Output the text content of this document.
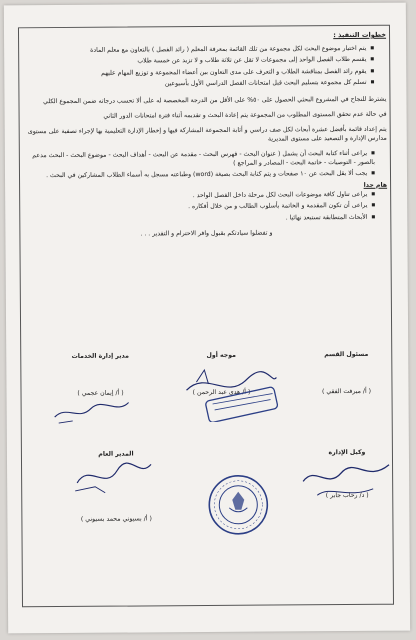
خطوات التنفيذ :
■ يتم اختيار موضوع البحث لكل مجموعة من تلك القائمة بمعرفة المعلم ( رائد الفصل ) بالتعاون مع معلم المادة
■ يقسم طلاب الفصل الواحد إلى مجموعات لا تقل عن ثلاثة طلاب و لا تزيد عن خمسة طلاب
■ يقوم رائد الفصل بمناقشة الطلاب و التعرف على مدى التعاون بين أعضاء المجموعة و توزيع المهام عليهم
■ تسلم كل مجموعة بتسليم البحث قبل امتحانات الفصل الدراسي الأول بأسبوعين

يشترط للنجاح في المشروع البحثي الحصول على ٥٠% على الأقل من الدرجة المخصصة له على ألا تحسب درجاته ضمن المجموع الكلي

في حالة عدم تحقق المستوى المطلوب من المجموعة يتم إعادة البحث و تقديمه أثناء فترة امتحانات الدور الثاني

يتم إعداد قائمة بأفضل عشرة أبحاث لكل صف دراسي و أثابة المجموعة المشاركة فيها و إخطار الإدارة التعليمية بها لإجراء تصفية على مستوى مدارس الإدارة و التصعيد على مستوى المديرية

■ يراعى أثناء كتابة البحث أن يشمل ( عنوان البحث - فهرس البحث - مقدمة عن البحث - أهداف البحث - موضوع البحث - البحث مدعم بالصور - التوصيات - خاتمة البحث - المصادر و المراجع )
■ يجب ألا يقل البحث عن ١٠ صفحات و يتم كتابة البحث بصيغة (word) وطباعته مسجل به أسماء الطلاب المشاركين في البحث .
هام جدا
■ يراعى تناول كافة موضوعات البحث لكل مرحلة داخل الفصل الواحد .
■ يراعى أن تكون المقدمة و الخاتمة بأسلوب الطالب و من خلال أفكاره .
■ الأبحاث المتطابقة تستبعد نهائيا .
و تفضلوا سيادتكم بقبول وافر الاحترام و التقدير . . .
مسئول القسم
( أ/ ميرفت الفقي )
موجه أول
( أ/ هدى عبد الرحمن )
مدير إدارة الخدمات
( أ/ إيمان عجمي )
وكيل الإدارة
( د/ رحاب جابر )
المدير العام
( أ/ بسيوني محمد بسيوني )
